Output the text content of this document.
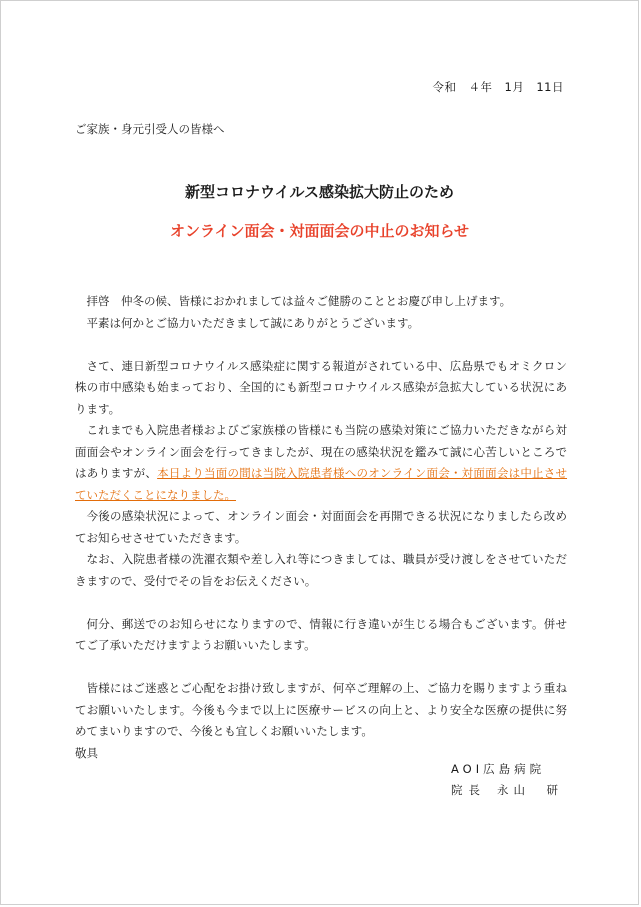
令和　４年　1月　11日
ご家族・身元引受人の皆様へ
新型コロナウイルス感染拡大防止のため
オンライン面会・対面面会の中止のお知らせ

拝啓　仲冬の候、皆様におかれましては益々ご健勝のこととお慶び申し上げます。

平素は何かとご協力いただきまして誠にありがとうございます。

さて、連日新型コロナウイルス感染症に関する報道がされている中、広島県でもオミクロン株の市中感染も始まっており、全国的にも新型コロナウイルス感染が急拡大している状況にあります。

これまでも入院患者様およびご家族様の皆様にも当院の感染対策にご協力いただきながら対面面会やオンライン面会を行ってきましたが、現在の感染状況を鑑みて誠に心苦しいところではありますが、本日より当面の間は当院入院患者様へのオンライン面会・対面面会は中止させていただくことになりました。

今後の感染状況によって、オンライン面会・対面面会を再開できる状況になりましたら改めてお知らせさせていただきます。

なお、入院患者様の洗濯衣類や差し入れ等につきましては、職員が受け渡しをさせていただきますので、受付でその旨をお伝えください。

何分、郵送でのお知らせになりますので、情報に行き違いが生じる場合もございます。併せてご了承いただけますようお願いいたします。

皆様にはご迷惑とご心配をお掛け致しますが、何卒ご理解の上、ご協力を賜りますよう重ねてお願いいたします。今後も今まで以上に医療サービスの向上と、より安全な医療の提供に努めてまいりますので、今後とも宜しくお願いいたします。

敬具

AOI広島病院
院長 永山　研
